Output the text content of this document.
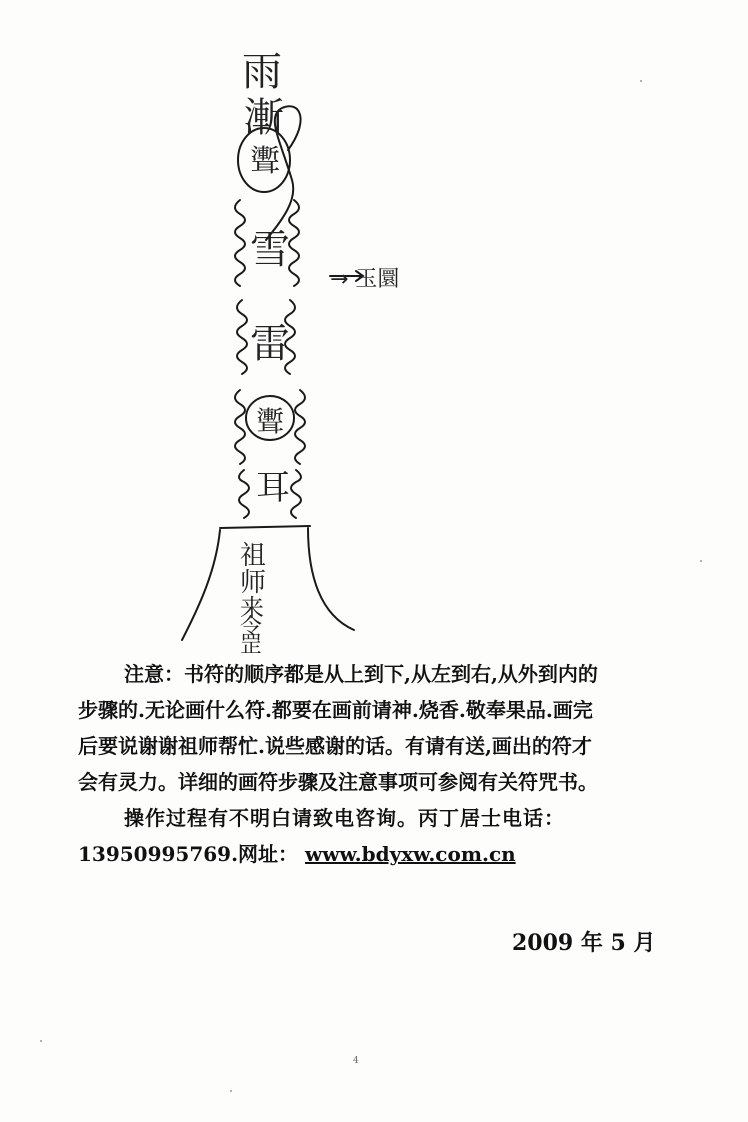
雨
漸
聻
雪
雷
聻
耳
→ 玉圜
祖
师
来
令
罡

注意：书符的顺序都是从上到下,从左到右,从外到内的

步骤的.无论画什么符.都要在画前请神.烧香.敬奉果品.画完

后要说谢谢祖师帮忙.说些感谢的话。有请有送,画出的符才

会有灵力。详细的画符步骤及注意事项可参阅有关符咒书。

操作过程有不明白请致电咨询。丙丁居士电话：

13950995769.网址： www.bdyxw.com.cn

2009 年 5 月
4
